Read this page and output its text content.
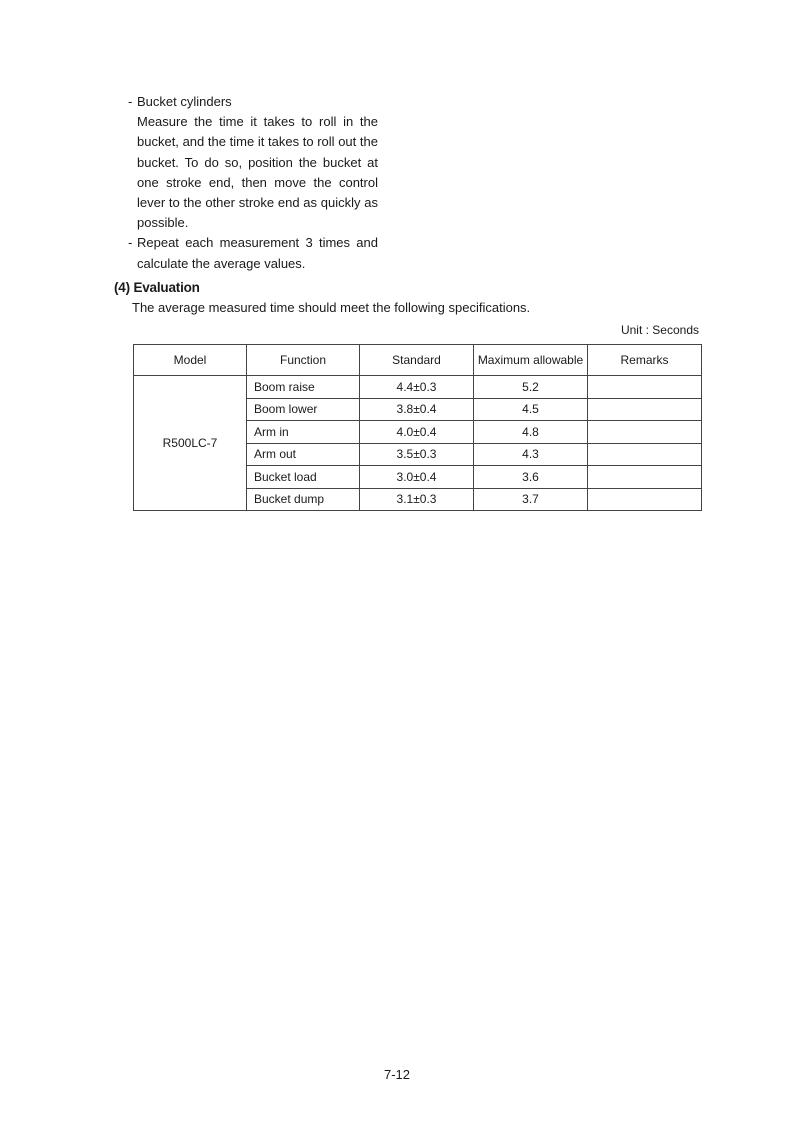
- Bucket cylinders
Measure the time it takes to roll in the bucket, and the time it takes to roll out the bucket. To do so, position the bucket at one stroke end, then move the control lever to the other stroke end as quickly as possible.
- Repeat each measurement 3 times and calculate the average values.
(4) Evaluation
The average measured time should meet the following specifications.
Unit : Seconds
Model	Function	Standard	Maximum allowable	Remarks
R500LC-7	Boom raise	4.4±0.3	5.2	
	Boom lower	3.8±0.4	4.5	
	Arm in	4.0±0.4	4.8	
	Arm out	3.5±0.3	4.3	
	Bucket load	3.0±0.4	3.6	
	Bucket dump	3.1±0.3	3.7	
7-12
